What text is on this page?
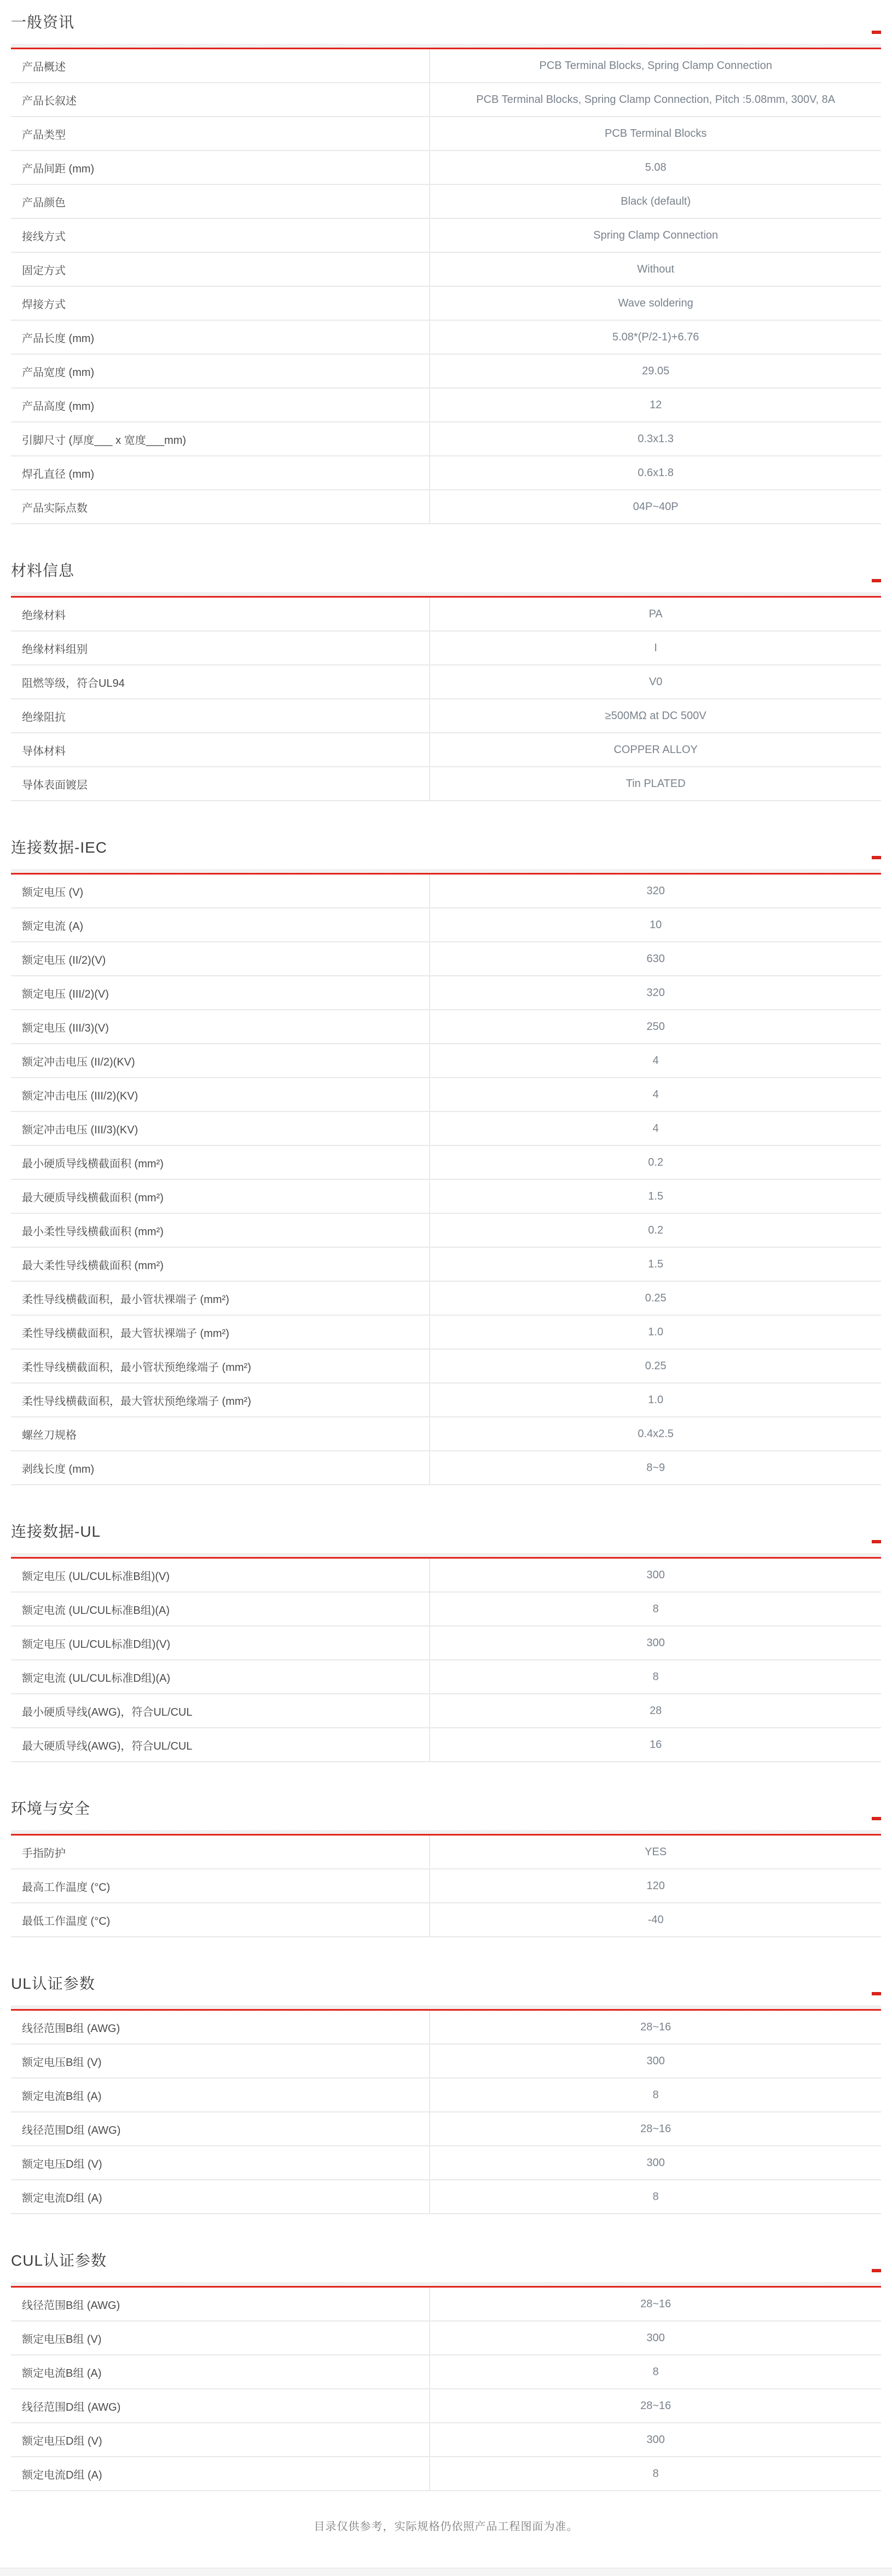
一般资讯
产品概述	PCB Terminal Blocks, Spring Clamp Connection
产品长叙述	PCB Terminal Blocks, Spring Clamp Connection, Pitch :5.08mm, 300V, 8A
产品类型	PCB Terminal Blocks
产品间距 (mm)	5.08
产品颜色	Black (default)
接线方式	Spring Clamp Connection
固定方式	Without
焊接方式	Wave soldering
产品长度 (mm)	5.08*(P/2-1)+6.76
产品宽度 (mm)	29.05
产品高度 (mm)	12
引脚尺寸 (厚度___ x 宽度___mm)	0.3x1.3
焊孔直径 (mm)	0.6x1.8
产品实际点数	04P~40P
材料信息
绝缘材料	PA
绝缘材料组别	I
阻燃等级，符合UL94	V0
绝缘阻抗	≥500MΩ at DC 500V
导体材料	COPPER ALLOY
导体表面镀层	Tin PLATED
连接数据-IEC
额定电压 (V)	320
额定电流 (A)	10
额定电压 (II/2)(V)	630
额定电压 (III/2)(V)	320
额定电压 (III/3)(V)	250
额定冲击电压 (II/2)(KV)	4
额定冲击电压 (III/2)(KV)	4
额定冲击电压 (III/3)(KV)	4
最小硬质导线横截面积 (mm²)	0.2
最大硬质导线横截面积 (mm²)	1.5
最小柔性导线横截面积 (mm²)	0.2
最大柔性导线横截面积 (mm²)	1.5
柔性导线横截面积，最小管状裸端子 (mm²)	0.25
柔性导线横截面积，最大管状裸端子 (mm²)	1.0
柔性导线横截面积，最小管状预绝缘端子 (mm²)	0.25
柔性导线横截面积，最大管状预绝缘端子 (mm²)	1.0
螺丝刀规格	0.4x2.5
剥线长度 (mm)	8~9
连接数据-UL
额定电压 (UL/CUL标准B组)(V)	300
额定电流 (UL/CUL标准B组)(A)	8
额定电压 (UL/CUL标准D组)(V)	300
额定电流 (UL/CUL标准D组)(A)	8
最小硬质导线(AWG)，符合UL/CUL	28
最大硬质导线(AWG)，符合UL/CUL	16
环境与安全
手指防护	YES
最高工作温度 (°C)	120
最低工作温度 (°C)	-40
UL认证参数
线径范围B组 (AWG)	28~16
额定电压B组 (V)	300
额定电流B组 (A)	8
线径范围D组 (AWG)	28~16
额定电压D组 (V)	300
额定电流D组 (A)	8
CUL认证参数
线径范围B组 (AWG)	28~16
额定电压B组 (V)	300
额定电流B组 (A)	8
线径范围D组 (AWG)	28~16
额定电压D组 (V)	300
额定电流D组 (A)	8
目录仅供参考，实际规格仍依照产品工程图面为准。
